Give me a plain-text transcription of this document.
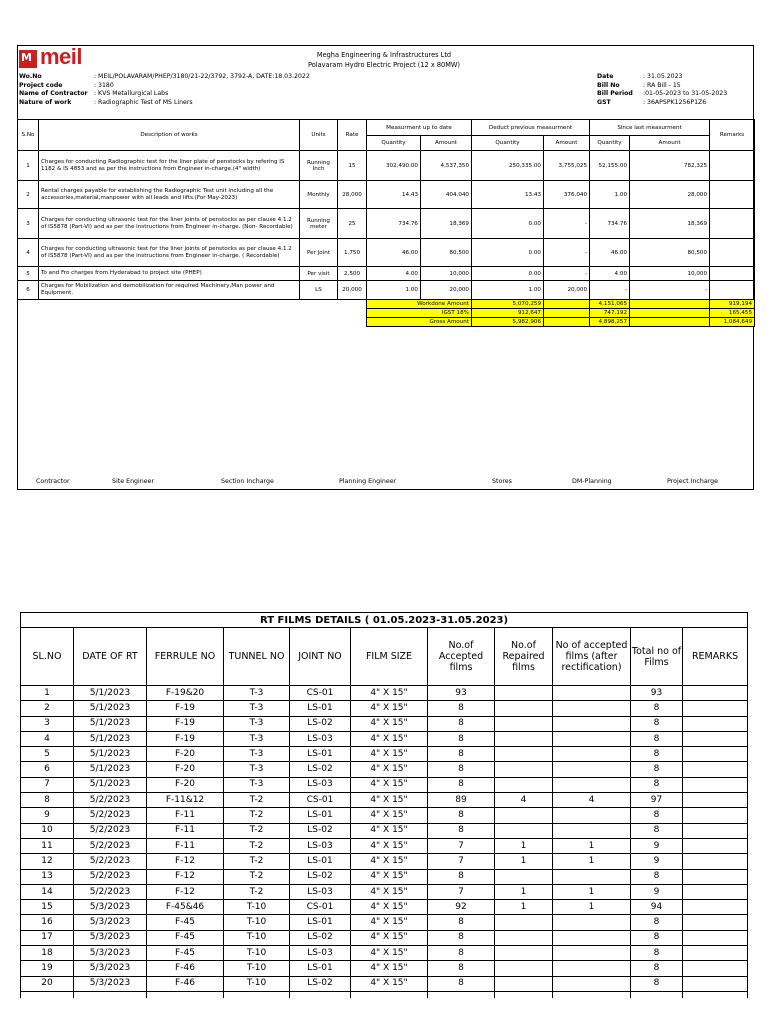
M meil	Megha Engineering & Infrastructures Ltd
Polavaram Hydro Electric Project (12 x 80MW)
Wo.No	: MEIL/POLAVARAM/PHEP/3180/21-22/3792, 3792-A, DATE:18.03.2022
Project code	: 3180
Name of Contractor	: KVS Metallurgical Labs
Nature of work	: Radiographic Test of MS Liners
Date	: 31.05.2023
Bill No	: RA Bill - 15
Bill Period	:01-05-2023 to 31-05-2023
GST	: 36APSPK1256P1Z6
S.No	Description of works	Units	Rate	Measurment up to date		Deduct previous measurment		Since last measurment		Remarks	
				Quantity	Amount	Quantity	Amount	Quantity	Amount		
1	Charges for conducting Radiographic test for the liner plate of penstocks by refering IS 1182 & IS 4853 and as per the instructions from Engineer in-charge.(4" width)	Running Inch	15	302,490.00	4,537,350	250,335.00	3,755,025	52,155.00	782,325		
2	Rental charges payable for establishing the Radiographic Test unit including all the accessories,material,manpower with all leads and lifts.(For May-2023)	Monthly	28,000	14.43	404,040	13.43	376,040	1.00	28,000		
3	Charges for conducting ultrasonic test for the liner joints of penstocks as per clause 4.1.2 of IS5878 (Part-VI) and as per the instructions from Engineer in-charge. (Non- Recordable)	Running meter	25	734.76	18,369	0.00	-	734.76	18,369		
4	Charges for conducting ultrasonic test for the liner joints of penstocks as per clause 4.1.2 of IS5878 (Part-VI) and as per the instructions from Engineer in-charge. ( Recordable)	Per Joint	1,750	46.00	80,500	0.00	-	46.00	80,500		
5	To and Fro charges from Hyderabad to project site (PHEP)	Per visit	2,500	4.00	10,000	0.00	-	4.00	10,000		
6	Charges for Mobilization and demobilization for required Machinery,Man power and Equipment.	LS	20,000	1.00	20,000	1.00	20,000	-	-		
				Workdone Amount		5,070,259		4,151,065		919,194	
				IGST 18%		912,647		747,192		165,455	
				Gross Amount		5,982,906		4,898,257		1,084,649	
Contractor	Site Engineer	Section Incharge	Planning Engineer	Stores	DM-Planning	Project Incharge
RT FILMS DETAILS ( 01.05.2023-31.05.2023)										
SL.NO	DATE OF RT	FERRULE NO	TUNNEL NO	JOINT NO	FILM SIZE	No.of Accepted films	No.of Repaired films	No of accepted films (after rectification)	Total no of Films	REMARKS
1	5/1/2023	F-19&20	T-3	CS-01	4" X 15"	93			93	
2	5/1/2023	F-19	T-3	LS-01	4" X 15"	8			8	
3	5/1/2023	F-19	T-3	LS-02	4" X 15"	8			8	
4	5/1/2023	F-19	T-3	LS-03	4" X 15"	8			8	
5	5/1/2023	F-20	T-3	LS-01	4" X 15"	8			8	
6	5/1/2023	F-20	T-3	LS-02	4" X 15"	8			8	
7	5/1/2023	F-20	T-3	LS-03	4" X 15"	8			8	
8	5/2/2023	F-11&12	T-2	CS-01	4" X 15"	89	4	4	97	
9	5/2/2023	F-11	T-2	LS-01	4" X 15"	8			8	
10	5/2/2023	F-11	T-2	LS-02	4" X 15"	8			8	
11	5/2/2023	F-11	T-2	LS-03	4" X 15"	7	1	1	9	
12	5/2/2023	F-12	T-2	LS-01	4" X 15"	7	1	1	9	
13	5/2/2023	F-12	T-2	LS-02	4" X 15"	8			8	
14	5/2/2023	F-12	T-2	LS-03	4" X 15"	7	1	1	9	
15	5/3/2023	F-45&46	T-10	CS-01	4" X 15"	92	1	1	94	
16	5/3/2023	F-45	T-10	LS-01	4" X 15"	8			8	
17	5/3/2023	F-45	T-10	LS-02	4" X 15"	8			8	
18	5/3/2023	F-45	T-10	LS-03	4" X 15"	8			8	
19	5/3/2023	F-46	T-10	LS-01	4" X 15"	8			8	
20	5/3/2023	F-46	T-10	LS-02	4" X 15"	8			8	
